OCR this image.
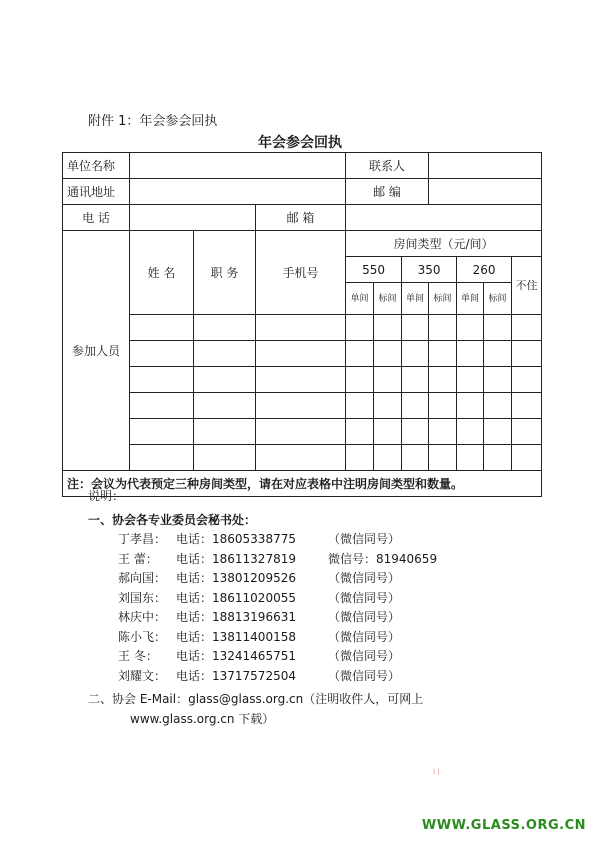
附件 1：年会参会回执
年会参会回执
单位名称				联系人						
通讯地址				邮 编						
电 话			邮 箱							
参加人员	姓 名	职 务	手机号	房间类型（元/间）						
				550		350		260		不住
				单间	标间	单间	标间	单间	标间	

注：会议为代表预定三种房间类型，请在对应表格中注明房间类型和数量。										
说明：
一、协会各专业委员会秘书处：
丁孝昌： 电话：18605338775	（微信同号）
王 蕾：	电话：18611327819	微信号：81940659
郝向国： 电话：13801209526	（微信同号）
刘国东： 电话：18611020055	（微信同号）
林庆中： 电话：18813196631	（微信同号）
陈小飞： 电话：13811400158	（微信同号）
王 冬：	电话：13241465751	（微信同号）
刘耀文： 电话：13717572504	（微信同号）
二、协会 E-Mail：glass@glass.org.cn（注明收件人，可网上
www.glass.org.cn 下载）
l l
WWW.GLASS.ORG.CN
